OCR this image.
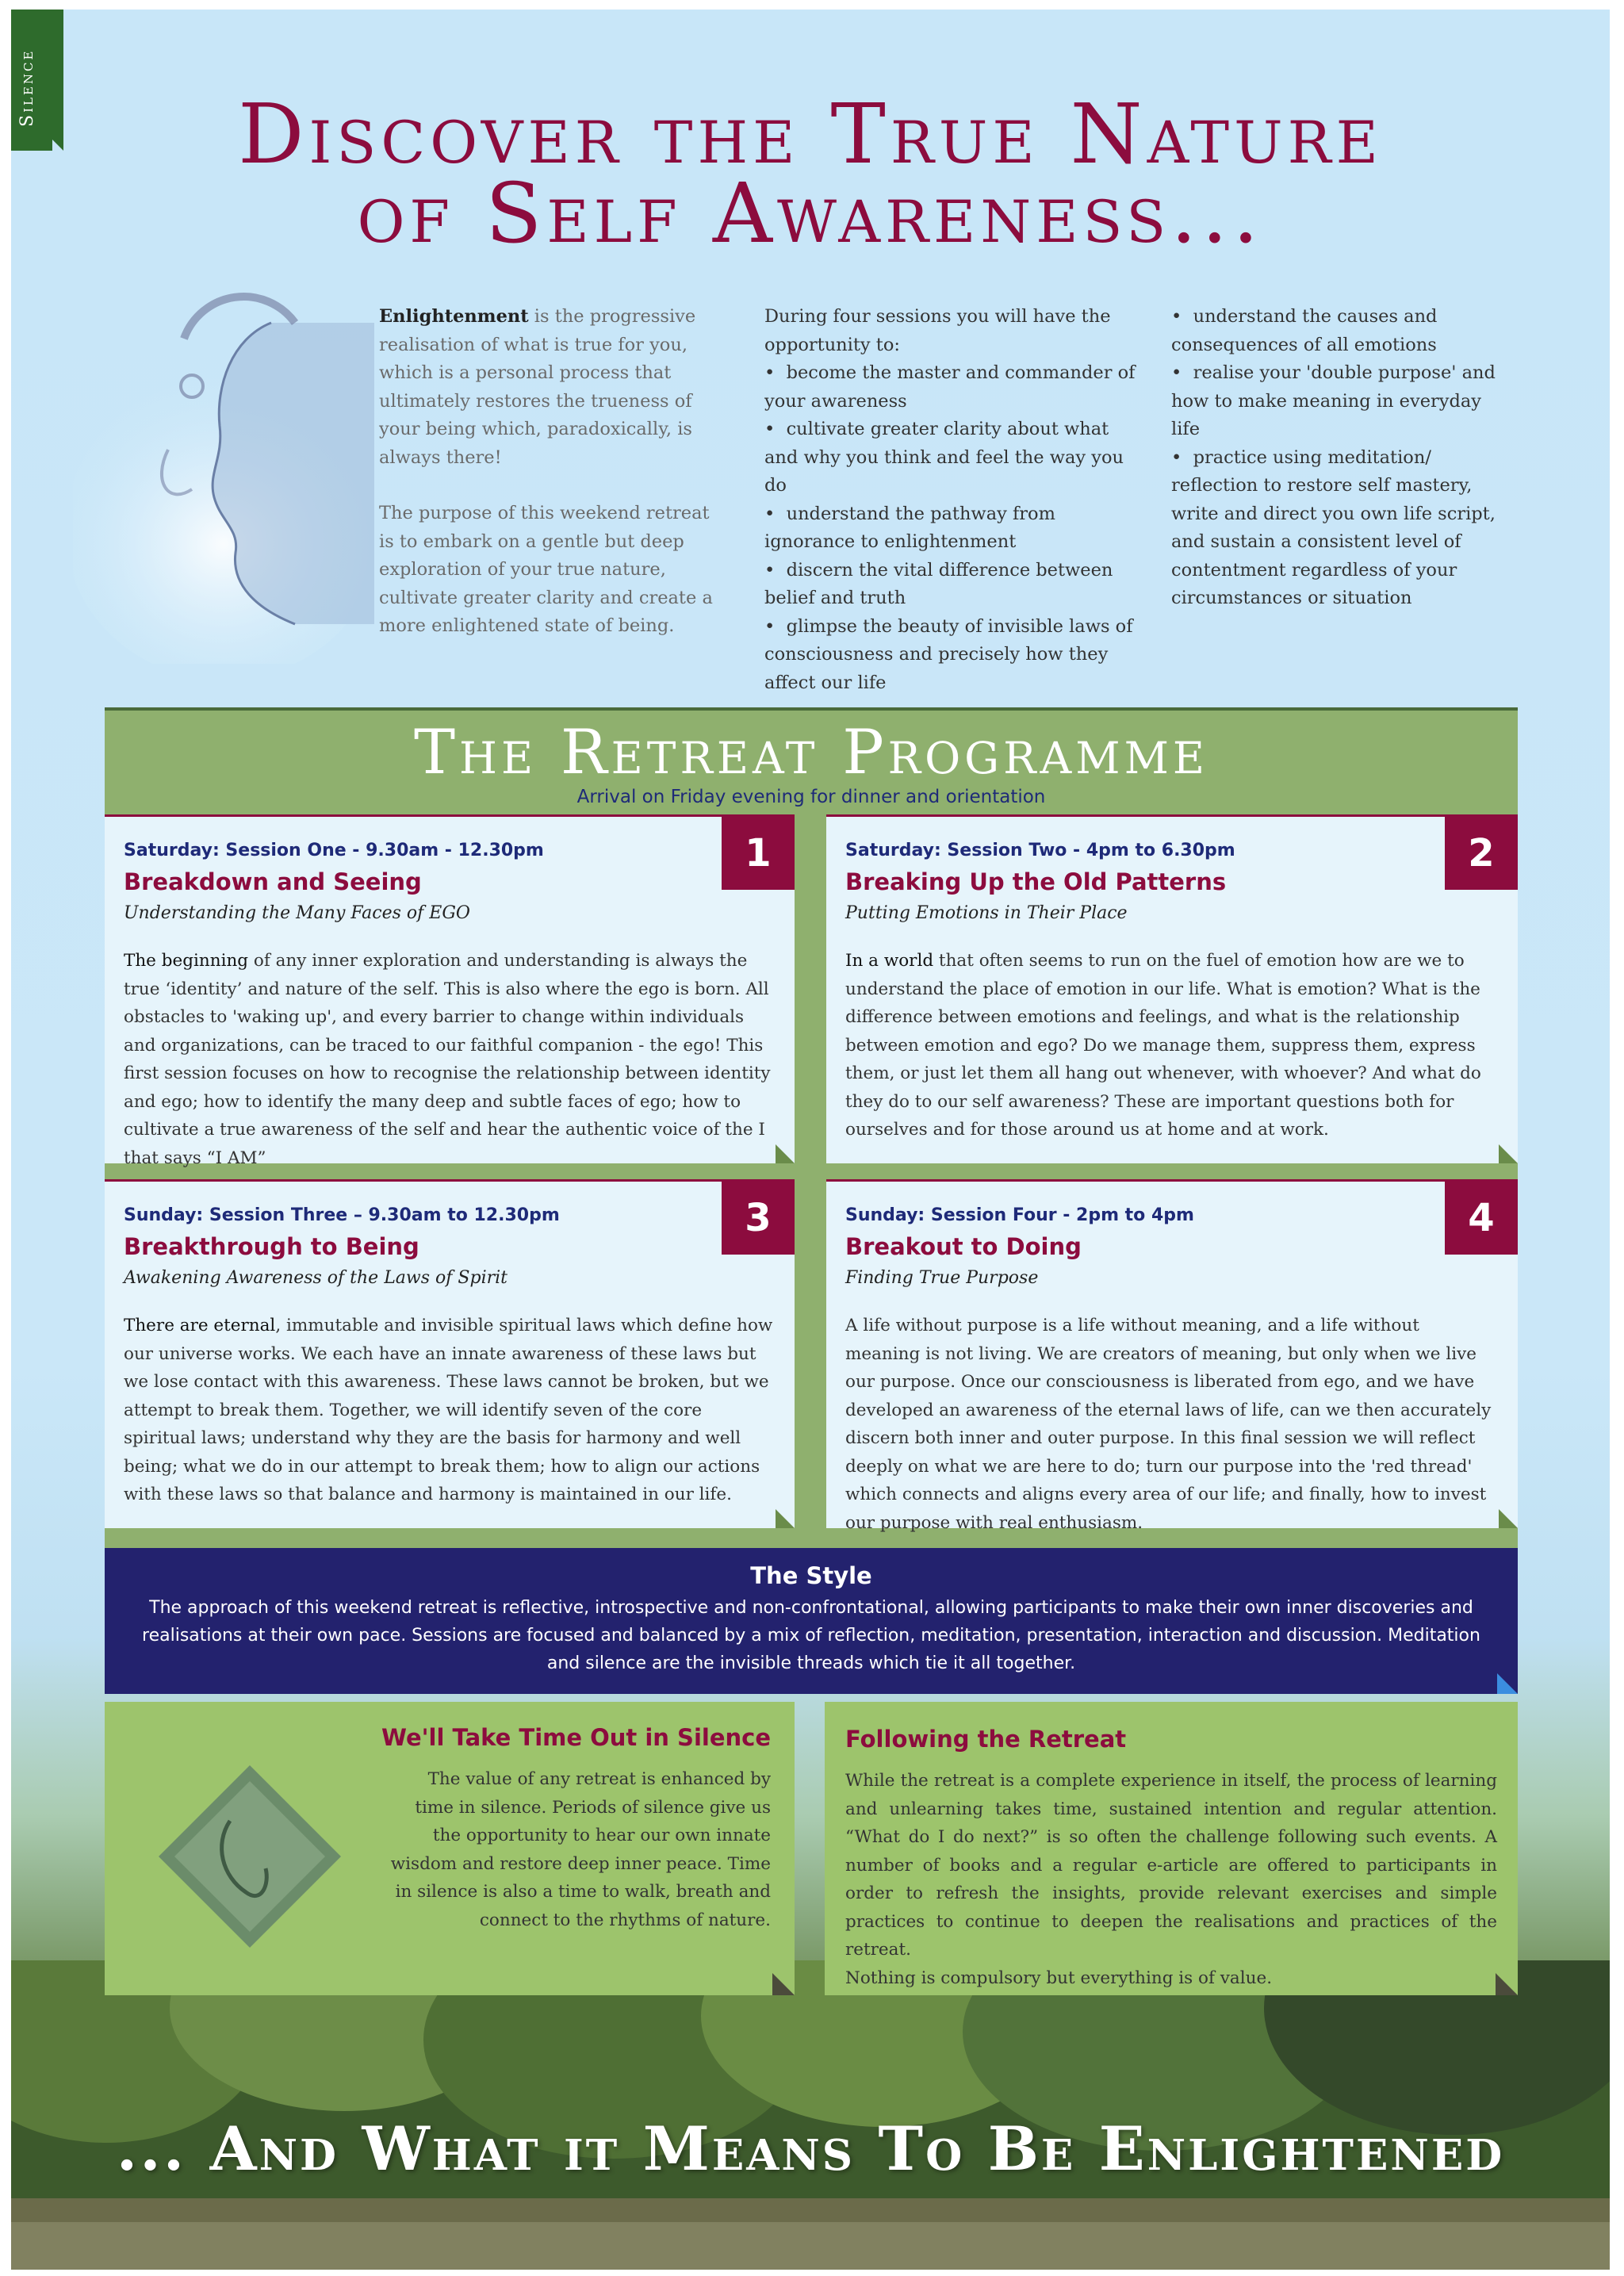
Silence	Discover the True Nature
of Self Awareness...

Enlightenment is the progressive realisation of what is true for you, which is a personal process that ultimately restores the trueness of your being which, paradoxically, is always there!

The purpose of this weekend retreat is to embark on a gentle but deep exploration of your true nature, cultivate greater clarity and create a more enlightened state of being.

During four sessions you will have the opportunity to:

•  become the master and commander of your awareness

•  cultivate greater clarity about what and why you think and feel the way you do

•  understand the pathway from ignorance to enlightenment

•  discern the vital difference between belief and truth

•  glimpse the beauty of invisible laws of consciousness and precisely how they affect our life

•  understand the causes and consequences of all emotions

•  realise your 'double purpose' and how to make meaning in everyday life

•  practice using meditation/ reflection to restore self mastery, write and direct you own life script, and sustain a consistent level of contentment regardless of your circumstances or situation

The Retreat Programme
Arrival on Friday evening for dinner and orientation
1

Saturday: Session One - 9.30am - 12.30pm

Breakdown and Seeing

Understanding the Many Faces of EGO

The beginning of any inner exploration and understanding is always the true ‘identity’ and nature of the self. This is also where the ego is born. All obstacles to 'waking up', and every barrier to change within individuals and organizations, can be traced to our faithful companion - the ego! This first session focuses on how to recognise the relationship between identity and ego; how to identify the many deep and subtle faces of ego; how to cultivate a true awareness of the self and hear the authentic voice of the I that says “I AM”

2

Saturday: Session Two - 4pm to 6.30pm

Breaking Up the Old Patterns

Putting Emotions in Their Place

In a world that often seems to run on the fuel of emotion how are we to understand the place of emotion in our life. What is emotion? What is the difference between emotions and feelings, and what is the relationship between emotion and ego? Do we manage them, suppress them, express them, or just let them all hang out whenever, with whoever? And what do they do to our self awareness? These are important questions both for ourselves and for those around us at home and at work.

3

Sunday: Session Three – 9.30am to 12.30pm

Breakthrough to Being

Awakening Awareness of the Laws of Spirit

There are eternal, immutable and invisible spiritual laws which define how our universe works. We each have an innate awareness of these laws but we lose contact with this awareness. These laws cannot be broken, but we attempt to break them. Together, we will identify seven of the core spiritual laws; understand why they are the basis for harmony and well being; what we do in our attempt to break them; how to align our actions with these laws so that balance and harmony is maintained in our life.

4

Sunday: Session Four - 2pm to 4pm

Breakout to Doing

Finding True Purpose

A life without purpose is a life without meaning, and a life without meaning is not living. We are creators of meaning, but only when we live our purpose. Once our consciousness is liberated from ego, and we have developed an awareness of the eternal laws of life, can we then accurately discern both inner and outer purpose. In this final session we will reflect deeply on what we are here to do; turn our purpose into the 'red thread' which connects and aligns every area of our life; and finally, how to invest our purpose with real enthusiasm.

The Style

The approach of this weekend retreat is reflective, introspective and non-confrontational, allowing participants to make their own inner discoveries and realisations at their own pace. Sessions are focused and balanced by a mix of reflection, meditation, presentation, interaction and discussion. Meditation and silence are the invisible threads which tie it all together.

We'll Take Time Out in Silence

The value of any retreat is enhanced by time in silence. Periods of silence give us the opportunity to hear our own innate wisdom and restore deep inner peace. Time in silence is also a time to walk, breath and connect to the rhythms of nature.

Following the Retreat

While the retreat is a complete experience in itself, the process of learning and unlearning takes time, sustained intention and regular attention. “What do I do next?” is so often the challenge following such events. A number of books and a regular e-article are offered to participants in order to refresh the insights, provide relevant exercises and simple practices to continue to deepen the realisations and practices of the retreat.

Nothing is compulsory but everything is of value.

... And What it Means To Be Enlightened
